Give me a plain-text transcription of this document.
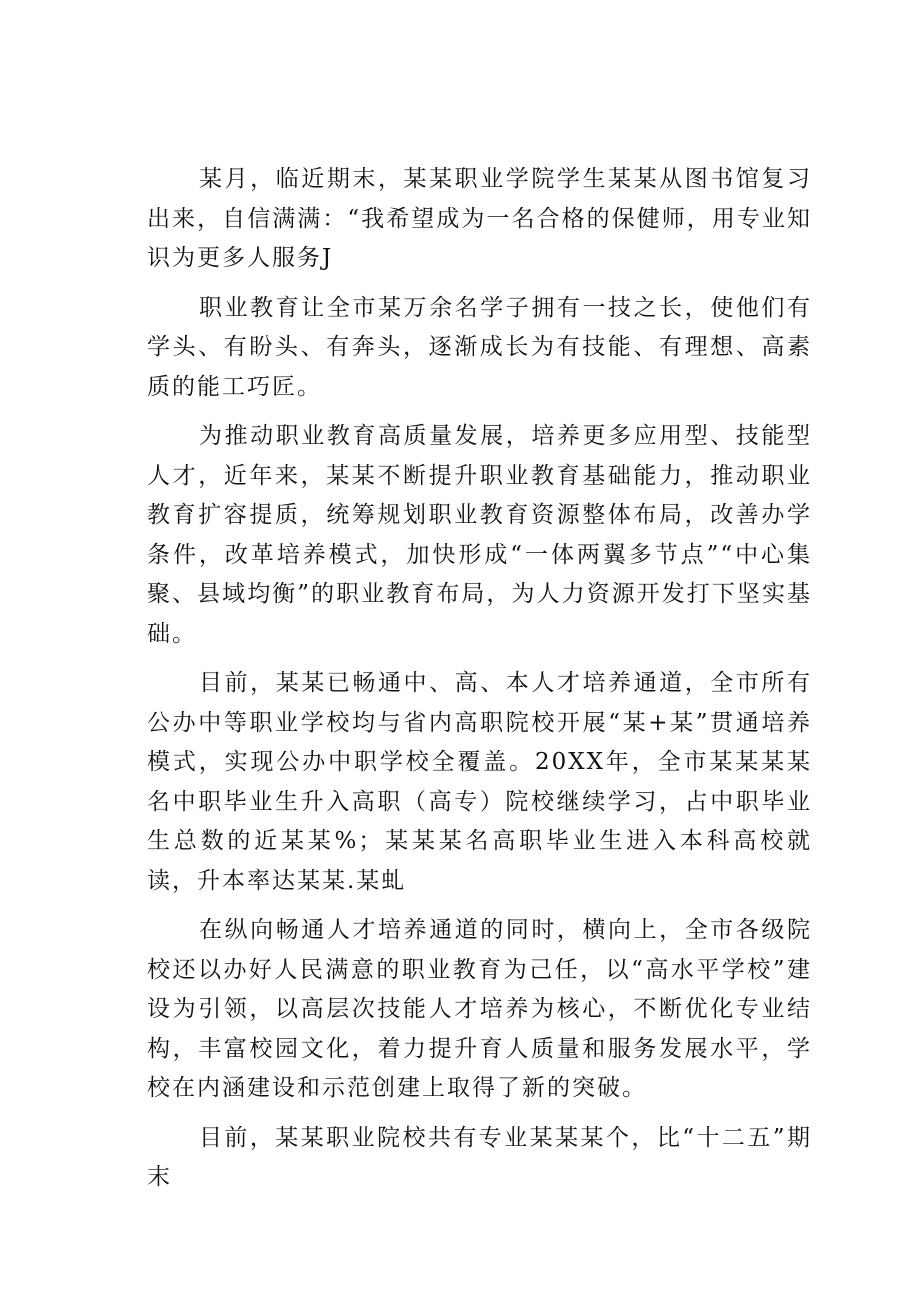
某月，临近期末，某某职业学院学生某某从图书馆复习出来，自信满满：“我希望成为一名合格的保健师，用专业知识为更多人服务J

职业教育让全市某万余名学子拥有一技之长，使他们有学头、有盼头、有奔头，逐渐成长为有技能、有理想、高素质的能工巧匠。

为推动职业教育高质量发展，培养更多应用型、技能型人才，近年来，某某不断提升职业教育基础能力，推动职业教育扩容提质，统筹规划职业教育资源整体布局，改善办学条件，改革培养模式，加快形成“一体两翼多节点”“中心集聚、县域均衡”的职业教育布局，为人力资源开发打下坚实基础。

目前，某某已畅通中、高、本人才培养通道，全市所有公办中等职业学校均与省内高职院校开展“某+某”贯通培养模式，实现公办中职学校全覆盖。20XX年，全市某某某某名中职毕业生升入高职（高专）院校继续学习，占中职毕业生总数的近某某%；某某某名高职毕业生进入本科高校就读，升本率达某某.某虬

在纵向畅通人才培养通道的同时，横向上，全市各级院校还以办好人民满意的职业教育为己任，以“高水平学校”建设为引领，以高层次技能人才培养为核心，不断优化专业结构，丰富校园文化，着力提升育人质量和服务发展水平，学校在内涵建设和示范创建上取得了新的突破。

目前，某某职业院校共有专业某某某个，比“十二五”期末
